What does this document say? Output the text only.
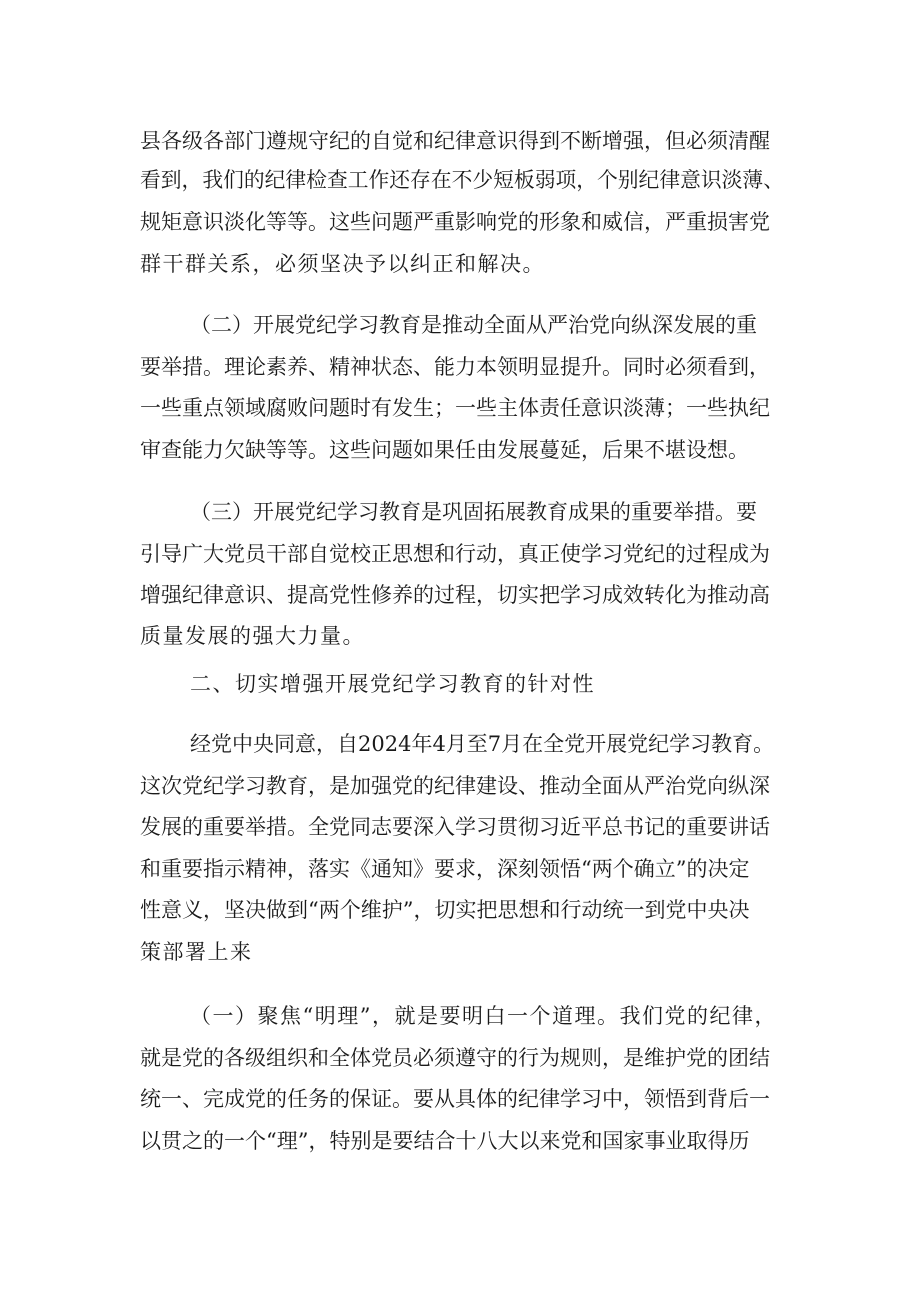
县各级各部门遵规守纪的自觉和纪律意识得到不断增强，但必须清醒
看到，我们的纪律检查工作还存在不少短板弱项，个别纪律意识淡薄、
规矩意识淡化等等。这些问题严重影响党的形象和威信，严重损害党
群干群关系，必须坚决予以纠正和解决。
（二）开展党纪学习教育是推动全面从严治党向纵深发展的重
要举措。理论素养、精神状态、能力本领明显提升。同时必须看到，
一些重点领域腐败问题时有发生；一些主体责任意识淡薄；一些执纪
审查能力欠缺等等。这些问题如果任由发展蔓延，后果不堪设想。
（三）开展党纪学习教育是巩固拓展教育成果的重要举措。要
引导广大党员干部自觉校正思想和行动，真正使学习党纪的过程成为
增强纪律意识、提高党性修养的过程，切实把学习成效转化为推动高
质量发展的强大力量。
二、切实增强开展党纪学习教育的针对性
经党中央同意，自2024年4月至7月在全党开展党纪学习教育。
这次党纪学习教育，是加强党的纪律建设、推动全面从严治党向纵深
发展的重要举措。全党同志要深入学习贯彻习近平总书记的重要讲话
和重要指示精神，落实《通知》要求，深刻领悟“两个确立”的决定
性意义，坚决做到“两个维护”，切实把思想和行动统一到党中央决
策部署上来
（一）聚焦“明理”，就是要明白一个道理。我们党的纪律，
就是党的各级组织和全体党员必须遵守的行为规则，是维护党的团结
统一、完成党的任务的保证。要从具体的纪律学习中，领悟到背后一
以贯之的一个“理”，特别是要结合十八大以来党和国家事业取得历
